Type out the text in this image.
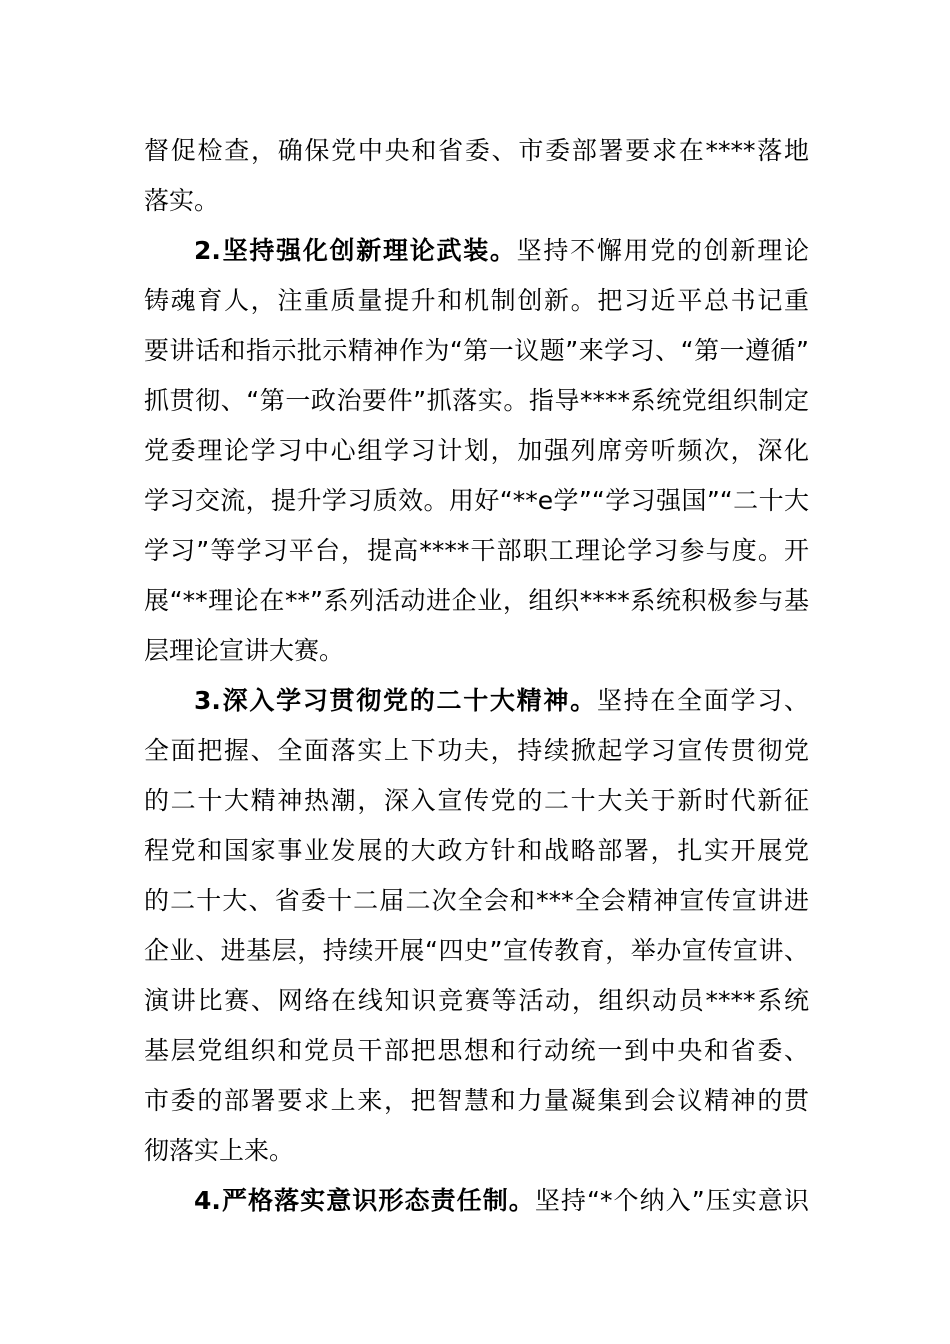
督促检查，确保党中央和省委、市委部署要求在****落地
落实。
2.坚持强化创新理论武装。坚持不懈用党的创新理论
铸魂育人，注重质量提升和机制创新。把习近平总书记重
要讲话和指示批示精神作为“第一议题”来学习、“第一遵循”
抓贯彻、“第一政治要件”抓落实。指导****系统党组织制定
党委理论学习中心组学习计划，加强列席旁听频次，深化
学习交流，提升学习质效。用好“**e学”“学习强国”“二十大
学习”等学习平台，提高****干部职工理论学习参与度。开
展“**理论在**”系列活动进企业，组织****系统积极参与基
层理论宣讲大赛。
3.深入学习贯彻党的二十大精神。坚持在全面学习、
全面把握、全面落实上下功夫，持续掀起学习宣传贯彻党
的二十大精神热潮，深入宣传党的二十大关于新时代新征
程党和国家事业发展的大政方针和战略部署，扎实开展党
的二十大、省委十二届二次全会和***全会精神宣传宣讲进
企业、进基层，持续开展“四史”宣传教育，举办宣传宣讲、
演讲比赛、网络在线知识竞赛等活动，组织动员****系统
基层党组织和党员干部把思想和行动统一到中央和省委、
市委的部署要求上来，把智慧和力量凝集到会议精神的贯
彻落实上来。
4.严格落实意识形态责任制。坚持“*个纳入”压实意识
